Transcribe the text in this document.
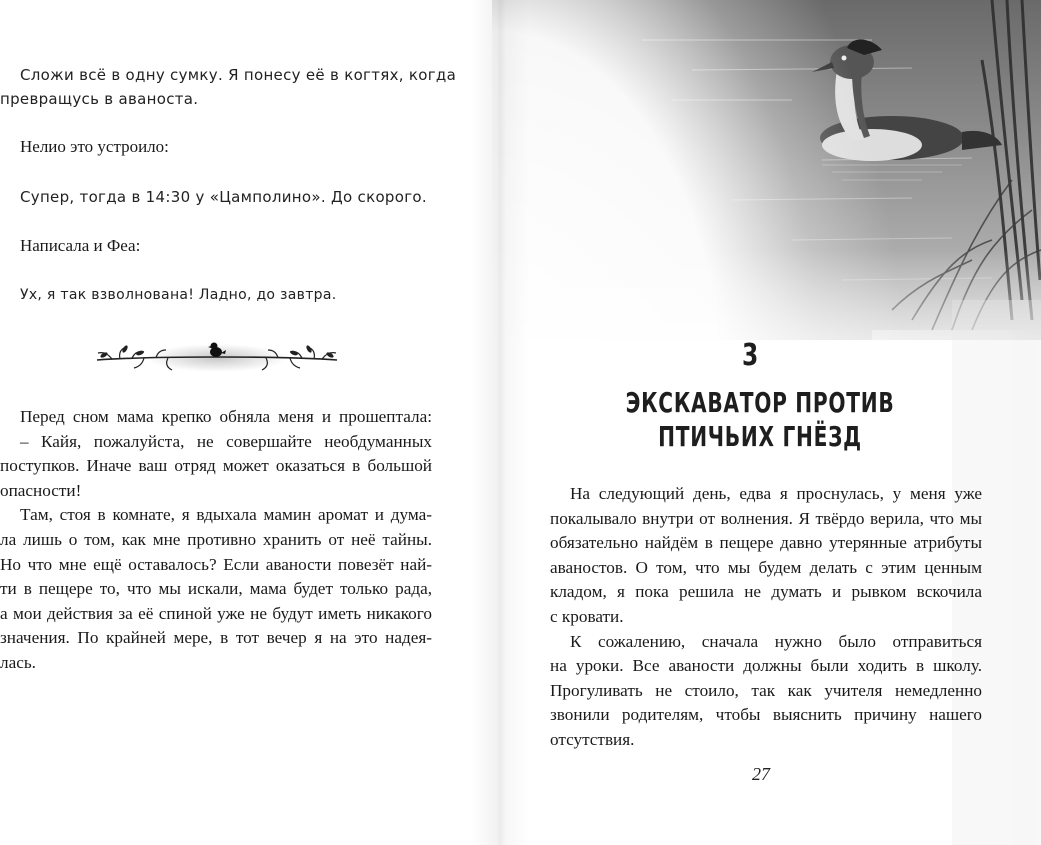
Сложи всё в одну сумку. Я понесу её в когтях, когда
превращусь в аваноста.
Нелио это устроило:
Супер, тогда в 14:30 у «Цамполино». До скорого.
Написала и Феа:
Ух, я так взволнована! Ладно, до завтра.
Перед сном мама крепко обняла меня и прошептала:
– Кайя, пожалуйста, не совершайте необдуманных
поступков. Иначе ваш отряд может оказаться в большой
опасности!
Там, стоя в комнате, я вдыхала мамин аромат и дума-
ла лишь о том, как мне противно хранить от неё тайны.
Но что мне ещё оставалось? Если аваности повезёт най-
ти в пещере то, что мы искали, мама будет только рада,
а мои действия за её спиной уже не будут иметь никакого
значения. По крайней мере, в тот вечер я на это надея-
лась.
3
ЭКСКАВАТОР ПРОТИВ
ПТИЧЬИХ ГНЁЗД
На следующий день, едва я проснулась, у меня уже
покалывало внутри от волнения. Я твёрдо верила, что мы
обязательно найдём в пещере давно утерянные атрибуты
аваностов. О том, что мы будем делать с этим ценным
кладом, я пока решила не думать и рывком вскочила
с кровати.
К сожалению, сначала нужно было отправиться
на уроки. Все аваности должны были ходить в школу.
Прогуливать не стоило, так как учителя немедленно
звонили родителям, чтобы выяснить причину нашего
отсутствия.
27
